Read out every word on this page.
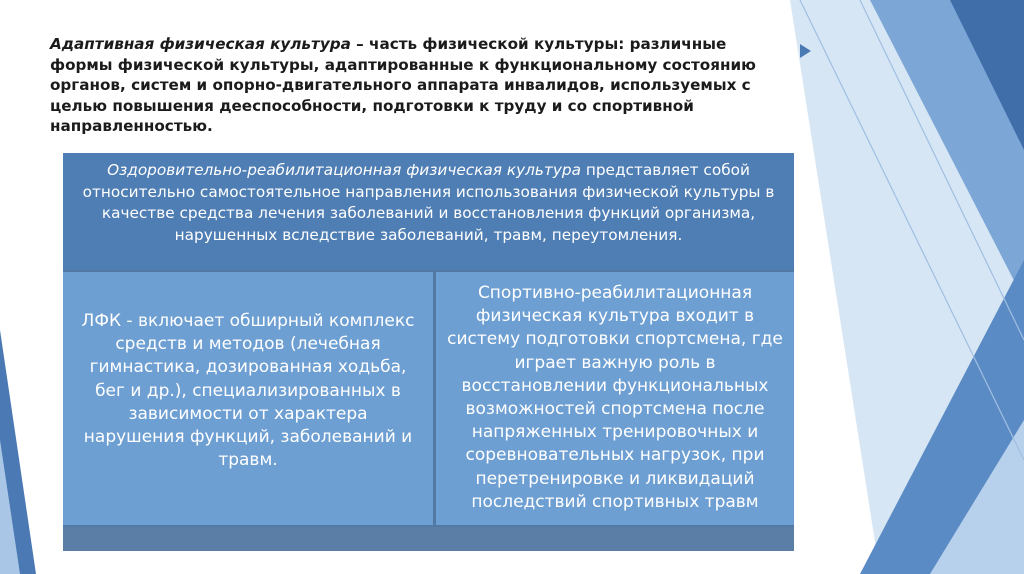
Адаптивная физическая культура – часть физической культуры: различные формы физической культуры, адаптированные к функциональному состоянию органов, систем и опорно-двигательного аппарата инвалидов, используемых с целью повышения дееспособности, подготовки к труду и со спортивной направленностью.
Оздоровительно-реабилитационная физическая культура представляет собой относительно самостоятельное направления использования физической культуры в качестве средства лечения заболеваний и восстановления функций организма, нарушенных вследствие заболеваний, травм, переутомления.
ЛФК - включает обширный комплекс средств и методов (лечебная гимнастика, дозированная ходьба, бег и др.), специализированных в зависимости от характера нарушения функций, заболеваний и травм.
Спортивно-реабилитационная физическая культура входит в систему подготовки спортсмена, где играет важную роль в восстановлении функциональных возможностей спортсмена после напряженных тренировочных и соревновательных нагрузок, при перетренировке и ликвидаций последствий спортивных травм
